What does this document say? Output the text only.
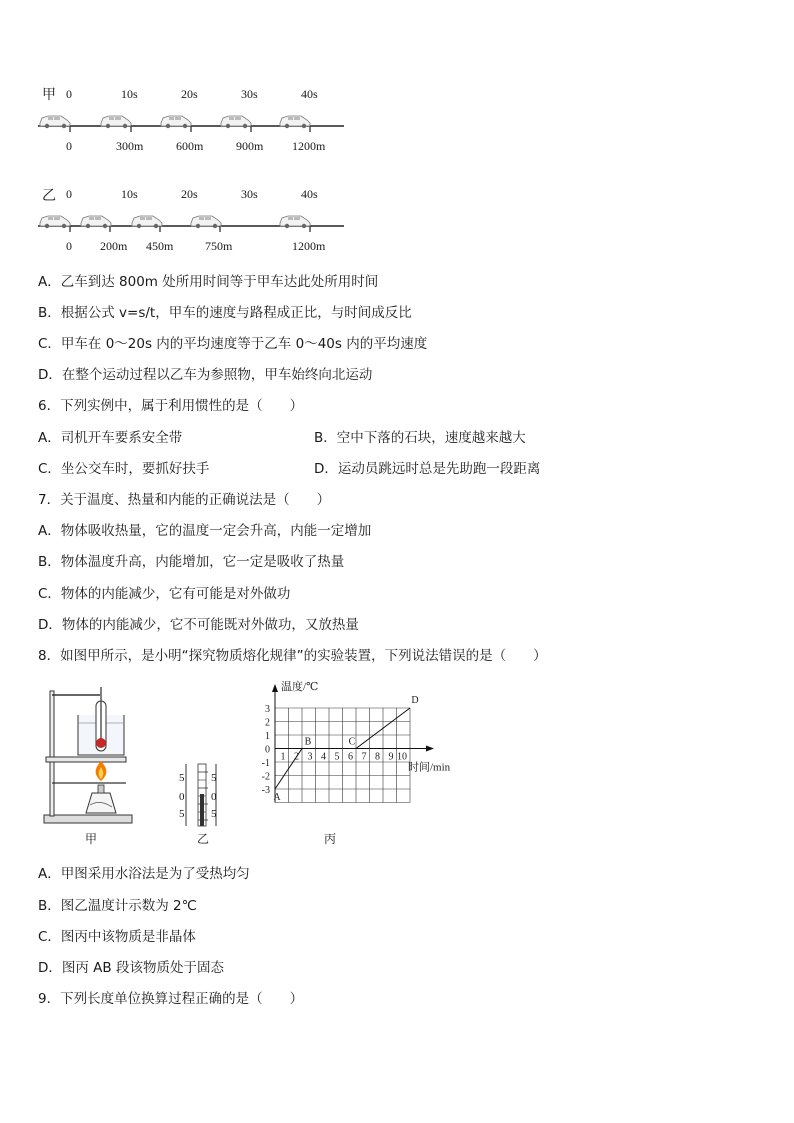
甲 0	10s	20s	30s	40s
0	300m	600m	900m 1200m
乙 0	10s	20s	30s	40s
0 200m 450m	750m	1200m
A．乙车到达 800m 处所用时间等于甲车达此处所用时间
B．根据公式 v=s/t，甲车的速度与路程成正比，与时间成反比
C．甲车在 0～20s 内的平均速度等于乙车 0～40s 内的平均速度
D．在整个运动过程以乙车为参照物，甲车始终向北运动
6．下列实例中，属于利用惯性的是（　　）
A．司机开车要系安全带	B．空中下落的石块，速度越来越大
C．坐公交车时，要抓好扶手	D．运动员跳远时总是先助跑一段距离
7．关于温度、热量和内能的正确说法是（　　）
A．物体吸收热量，它的温度一定会升高，内能一定增加
B．物体温度升高，内能增加，它一定是吸收了热量
C．物体的内能减少，它有可能是对外做功
D．物体的内能减少，它不可能既对外做功，又放热量
8．如图甲所示，是小明“探究物质熔化规律”的实验装置，下列说法错误的是（　　）
5
0
5
5
0
5
温度/℃
时间/min
3
2
1
0
-1
-2
-3
1 2 3 4 5 6 7 8 9 10
A
B	C
D
甲	乙	丙
A．甲图采用水浴法是为了受热均匀
B．图乙温度计示数为 2℃
C．图丙中该物质是非晶体
D．图丙 AB 段该物质处于固态
9．下列长度单位换算过程正确的是（　　）
